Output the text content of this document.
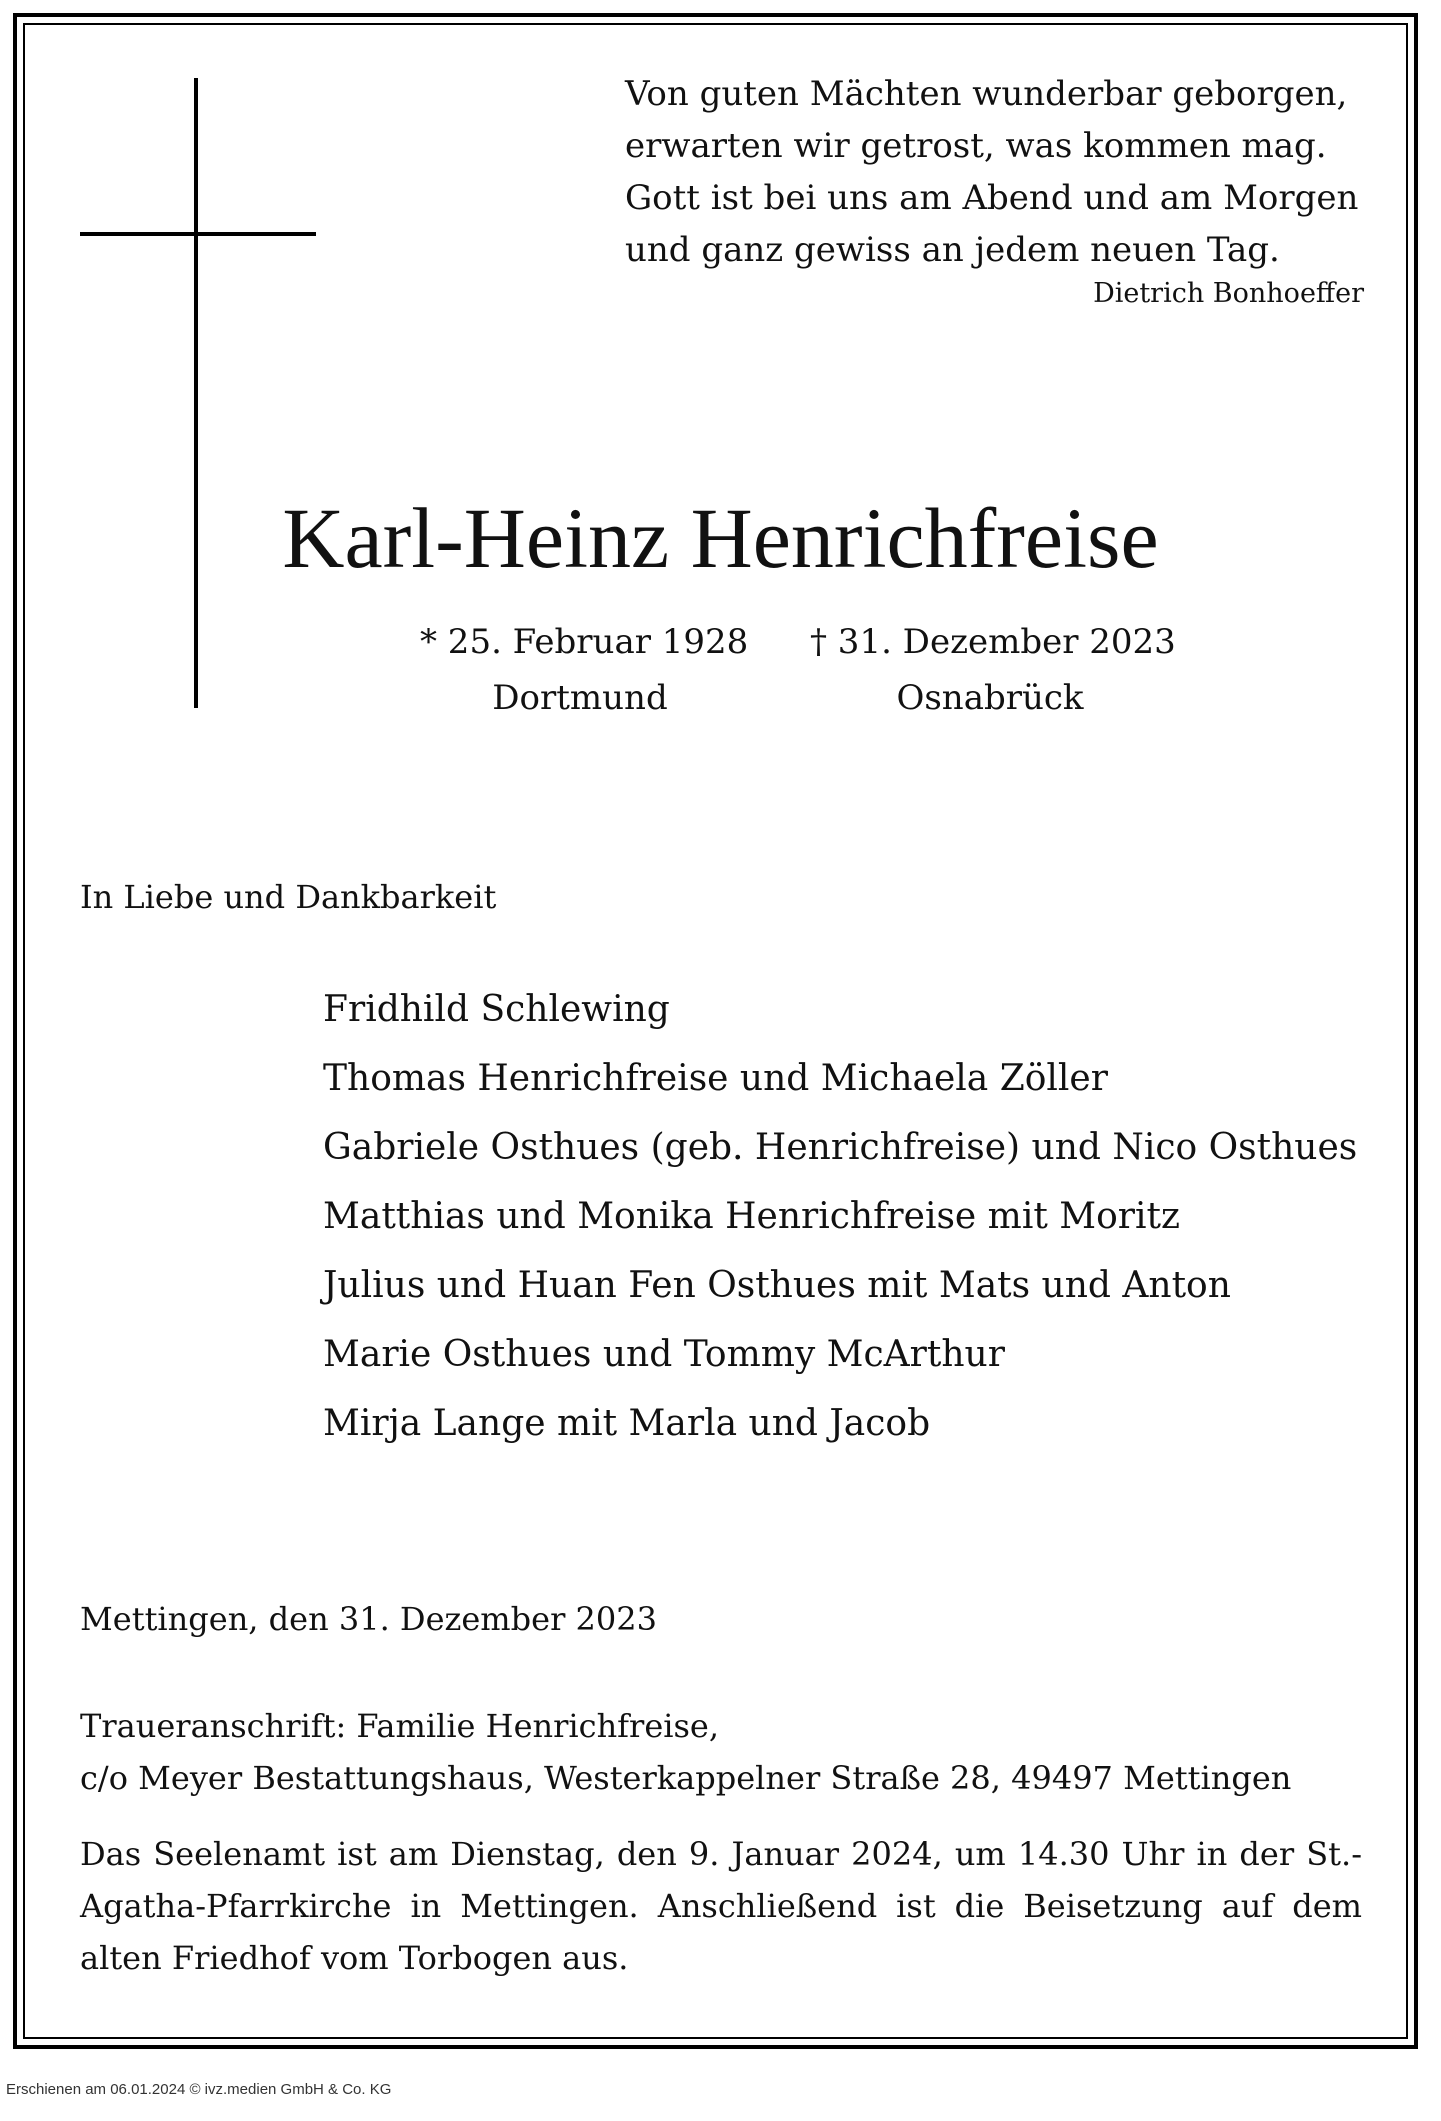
Von guten Mächten wunderbar geborgen,
erwarten wir getrost, was kommen mag.
Gott ist bei uns am Abend und am Morgen
und ganz gewiss an jedem neuen Tag.
Dietrich Bonhoeffer
Karl-Heinz Henrichfreise
* 25. Februar 1928
Dortmund
† 31. Dezember 2023
Osnabrück
In Liebe und Dankbarkeit
Fridhild Schlewing
Thomas Henrichfreise und Michaela Zöller
Gabriele Osthues (geb. Henrichfreise) und Nico Osthues
Matthias und Monika Henrichfreise mit Moritz
Julius und Huan Fen Osthues mit Mats und Anton
Marie Osthues und Tommy McArthur
Mirja Lange mit Marla und Jacob
Mettingen, den 31. Dezember 2023
Traueranschrift: Familie Henrichfreise,
c/o Meyer Bestattungshaus, Westerkappelner Straße 28, 49497 Mettingen
Das Seelenamt ist am Dienstag, den 9. Januar 2024, um 14.30 Uhr in der St.-Agatha-Pfarrkirche in Mettingen. Anschließend ist die Beisetzung auf dem alten Friedhof vom Torbogen aus.
Erschienen am 06.01.2024 © ivz.medien GmbH & Co. KG
